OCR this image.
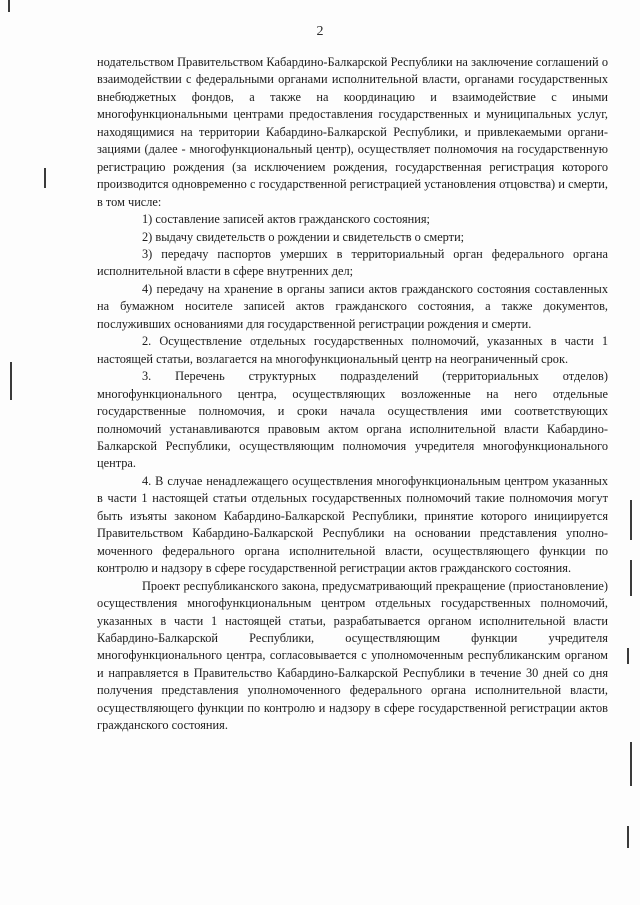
2

нодательством Правительством Кабардино-Балкарской Республики на заключение соглашений о взаимодействии с федеральными органами исполнительной власти, органами государственных внебюджетных фондов, а также на координацию и взаимодействие с иными многофункциональными центрами предоставления государственных и муниципальных услуг, находящимися на территории Кабардино-Балкарской Республики, и привлекаемыми организациями (далее - многофункциональный центр), осуществляет полномочия на государственную регистрацию рождения (за исключением рождения, государственная регистрация которого производится одновременно с государственной регистрацией установления отцовства) и смерти, в том числе:

1) составление записей актов гражданского состояния;

2) выдачу свидетельств о рождении и свидетельств о смерти;

3) передачу паспортов умерших в территориальный орган федерального органа исполнительной власти в сфере внутренних дел;

4) передачу на хранение в органы записи актов гражданского состояния составленных на бумажном носителе записей актов гражданского состояния, а также документов, послуживших основаниями для государственной регистрации рождения и смерти.

2. Осуществление отдельных государственных полномочий, указанных в части 1 настоящей статьи, возлагается на многофункциональный центр на неограниченный срок.

3. Перечень структурных подразделений (территориальных отделов) многофункционального центра, осуществляющих возложенные на него отдельные государственные полномочия, и сроки начала осуществления ими соответствующих полномочий устанавливаются правовым актом органа исполнительной власти Кабардино-Балкарской Республики, осуществляющим полномочия учредителя многофункционального центра.

4. В случае ненадлежащего осуществления многофункциональным центром указанных в части 1 настоящей статьи отдельных государственных полномочий такие полномочия могут быть изъяты законом Кабардино-Балкарской Республики, принятие которого инициируется Правительством Кабардино-Балкарской Республики на основании представления уполномоченного федерального органа исполнительной власти, осуществляющего функции по контролю и надзору в сфере государственной регистрации актов гражданского состояния.

Проект республиканского закона, предусматривающий прекращение (приостановление) осуществления многофункциональным центром отдельных государственных полномочий, указанных в части 1 настоящей статьи, разрабатывается органом исполнительной власти Кабардино-Балкарской Республики, осуществляющим функции учредителя многофункционального центра, согласовывается с уполномоченным республиканским органом и направляется в Правительство Кабардино-Балкарской Республики в течение 30 дней со дня получения представления уполномоченного федерального органа исполнительной власти, осуществляющего функции по контролю и надзору в сфере государственной регистрации актов гражданского состояния.
